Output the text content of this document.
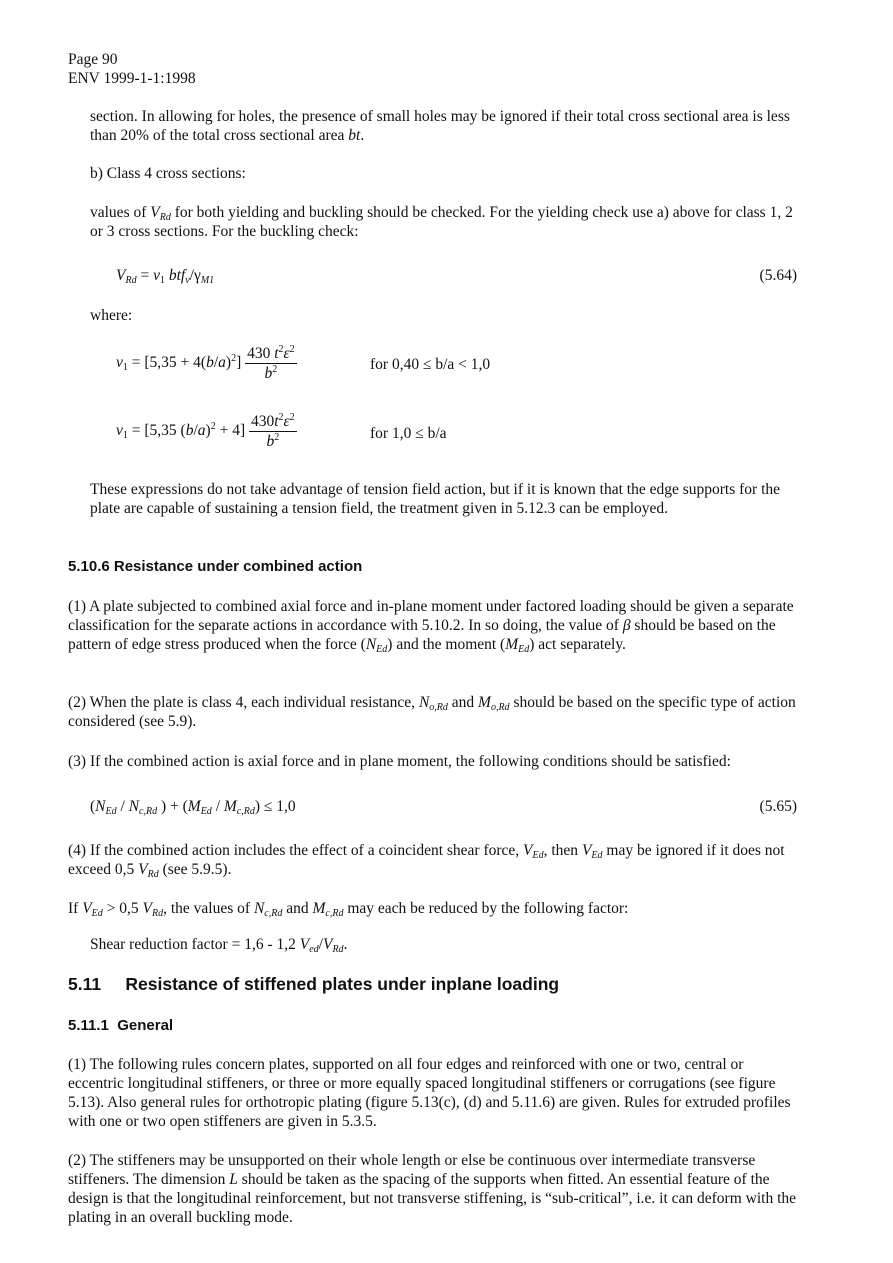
Page 90
ENV 1999-1-1:1998
section. In allowing for holes, the presence of small holes may be ignored if their total cross sectional area is less than 20% of the total cross sectional area bt.
b) Class 4 cross sections:
values of $V_{Rd}$ for both yielding and buckling should be checked. For the yielding check use a) above for class 1, 2 or 3 cross sections. For the buckling check:
$V_{Rd} = v_1$ $btf_v/\gamma_{M1}$	(5.64)
where:
$v_1 = [5,35 + 4(b/a)^2] \frac{430 t^2\varepsilon^2}{b^2}$	for 0,40 ≤ b/a < 1,0
$v_1 = [5,35$ $(b/a)^2 + 4] \frac{430t^2\varepsilon^2}{b^2}$	for 1,0 ≤ b/a
These expressions do not take advantage of tension field action, but if it is known that the edge supports for the plate are capable of sustaining a tension field, the treatment given in 5.12.3 can be employed.
5.10.6 Resistance under combined action
(1) A plate subjected to combined axial force and in-plane moment under factored loading should be given a separate classification for the separate actions in accordance with 5.10.2. In so doing, the value of β should be based on the pattern of edge stress produced when the force $(N_{Ed})$ and the moment $(M_{Ed})$ act separately.
(2) When the plate is class 4, each individual resistance, $N_{o,Rd}$ and $M_{o,Rd}$ should be based on the specific type of action considered (see 5.9).
(3) If the combined action is axial force and in plane moment, the following conditions should be satisfied:
($N_{Ed} / N_{c,Rd}$ ) + $(M_{Ed} / M_{c,Rd}) \le 1,0$	(5.65)
(4) If the combined action includes the effect of a coincident shear force, $V_{Ed}$, then $V_{Ed}$ may be ignored if it does not exceed 0,5 $V_{Rd}$ (see 5.9.5).
If $V_{Ed} > 0,5$ $V_{Rd}$, the values of $N_{c,Rd}$ and $M_{c,Rd}$ may each be reduced by the following factor:
Shear reduction factor = 1,6 - 1,2 $V_{ed}/V_{Rd}$.
5.11     Resistance of stiffened plates under inplane loading
5.11.1  General
(1) The following rules concern plates, supported on all four edges and reinforced with one or two, central or eccentric longitudinal stiffeners, or three or more equally spaced longitudinal stiffeners or corrugations (see figure 5.13). Also general rules for orthotropic plating (figure 5.13(c), (d) and 5.11.6) are given. Rules for extruded profiles with one or two open stiffeners are given in 5.3.5.
(2) The stiffeners may be unsupported on their whole length or else be continuous over intermediate transverse stiffeners. The dimension L should be taken as the spacing of the supports when fitted. An essential feature of the design is that the longitudinal reinforcement, but not transverse stiffening, is “sub-critical”, i.e. it can deform with the plating in an overall buckling mode.
